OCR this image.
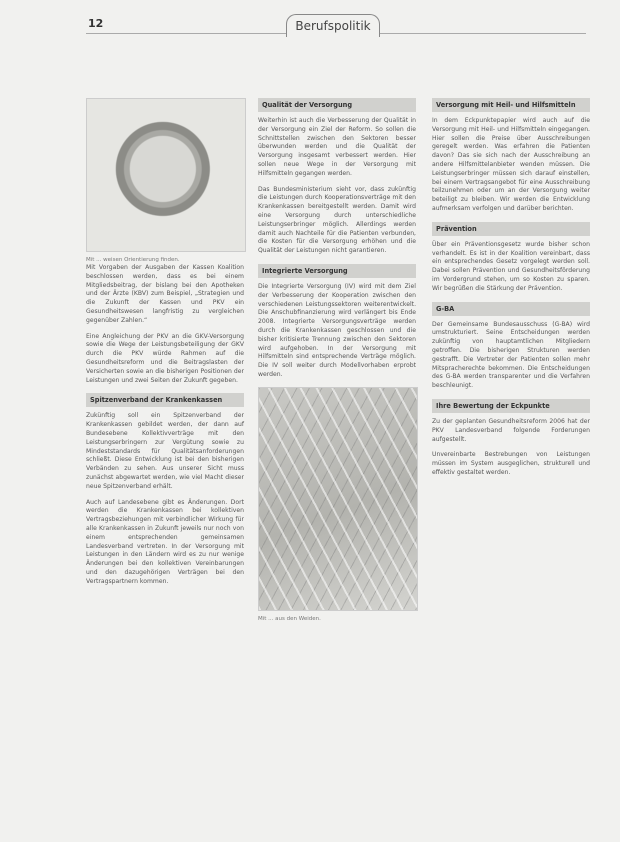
12	Berufspolitik
Mit ... weisen Orientierung finden.

Mit Vorgaben der Ausgaben der Kassen Koalition beschlossen werden, dass es bei einem Mitgliedsbeitrag, der bislang bei den Apotheken und der Ärzte (KBV) zum Beispiel, „Strategien und die Zukunft der Kassen und PKV ein Gesundheitswesen langfristig zu vergleichen gegenüber Zahlen.“

Eine Angleichung der PKV an die GKV-Versorgung sowie die Wege der Leistungsbeteiligung der GKV durch die PKV würde Rahmen auf die Gesundheitsreform und die Beitragslasten der Versicherten sowie an die bisherigen Positionen der Leistungen und zwei Seiten der Zukunft gegeben.

Spitzenverband der Krankenkassen

Zukünftig soll ein Spitzenverband der Krankenkassen gebildet werden, der dann auf Bundesebene Kollektivverträge mit den Leistungserbringern zur Vergütung sowie zu Mindeststandards für Qualitätsanforderungen schließt. Diese Entwicklung ist bei den bisherigen Verbänden zu sehen. Aus unserer Sicht muss zunächst abgewartet werden, wie viel Macht dieser neue Spitzenverband erhält.

Auch auf Landesebene gibt es Änderungen. Dort werden die Krankenkassen bei kollektiven Vertragsbeziehungen mit verbindlicher Wirkung für alle Krankenkassen in Zukunft jeweils nur noch von einem entsprechenden gemeinsamen Landesverband vertreten. In der Versorgung mit Leistungen in den Ländern wird es zu nur wenige Änderungen bei den kollektiven Vereinbarungen und den dazugehörigen Verträgen bei den Vertragspartnern kommen.

Qualität der Versorgung

Weiterhin ist auch die Verbesserung der Qualität in der Versorgung ein Ziel der Reform. So sollen die Schnittstellen zwischen den Sektoren besser überwunden werden und die Qualität der Versorgung insgesamt verbessert werden. Hier sollen neue Wege in der Versorgung mit Hilfsmitteln gegangen werden.

Das Bundesministerium sieht vor, dass zukünftig die Leistungen durch Kooperationsverträge mit den Krankenkassen bereitgestellt werden. Damit wird eine Versorgung durch unterschiedliche Leistungserbringer möglich. Allerdings werden damit auch Nachteile für die Patienten verbunden, die Kosten für die Versorgung erhöhen und die Qualität der Leistungen nicht garantieren.

Integrierte Versorgung

Die Integrierte Versorgung (IV) wird mit dem Ziel der Verbesserung der Kooperation zwischen den verschiedenen Leistungssektoren weiterentwickelt. Die Anschubfinanzierung wird verlängert bis Ende 2008. Integrierte Versorgungsverträge werden durch die Krankenkassen geschlossen und die bisher kritisierte Trennung zwischen den Sektoren wird aufgehoben. In der Versorgung mit Hilfsmitteln sind entsprechende Verträge möglich. Die IV soll weiter durch Modellvorhaben erprobt werden.

Mit ... aus den Weiden.
Versorgung mit Heil- und Hilfsmitteln

In dem Eckpunktepapier wird auch auf die Versorgung mit Heil- und Hilfsmitteln eingegangen. Hier sollen die Preise über Ausschreibungen geregelt werden. Was erfahren die Patienten davon? Das sie sich nach der Ausschreibung an andere Hilfsmittelanbieter wenden müssen. Die Leistungserbringer müssen sich darauf einstellen, bei einem Vertragsangebot für eine Ausschreibung teilzunehmen oder um an der Versorgung weiter beteiligt zu bleiben. Wir werden die Entwicklung aufmerksam verfolgen und darüber berichten.

Prävention

Über ein Präventionsgesetz wurde bisher schon verhandelt. Es ist in der Koalition vereinbart, dass ein entsprechendes Gesetz vorgelegt werden soll. Dabei sollen Prävention und Gesundheitsförderung im Vordergrund stehen, um so Kosten zu sparen. Wir begrüßen die Stärkung der Prävention.

G-BA

Der Gemeinsame Bundesausschuss (G-BA) wird umstrukturiert. Seine Entscheidungen werden zukünftig von hauptamtlichen Mitgliedern getroffen. Die bisherigen Strukturen werden gestrafft. Die Vertreter der Patienten sollen mehr Mitspracherechte bekommen. Die Entscheidungen des G-BA werden transparenter und die Verfahren beschleunigt.

Ihre Bewertung der Eckpunkte

Zu der geplanten Gesundheitsreform 2006 hat der PKV Landesverband folgende Forderungen aufgestellt.

Unvereinbarte Bestrebungen von Leistungen müssen im System ausgeglichen, strukturell und effektiv gestaltet werden.
